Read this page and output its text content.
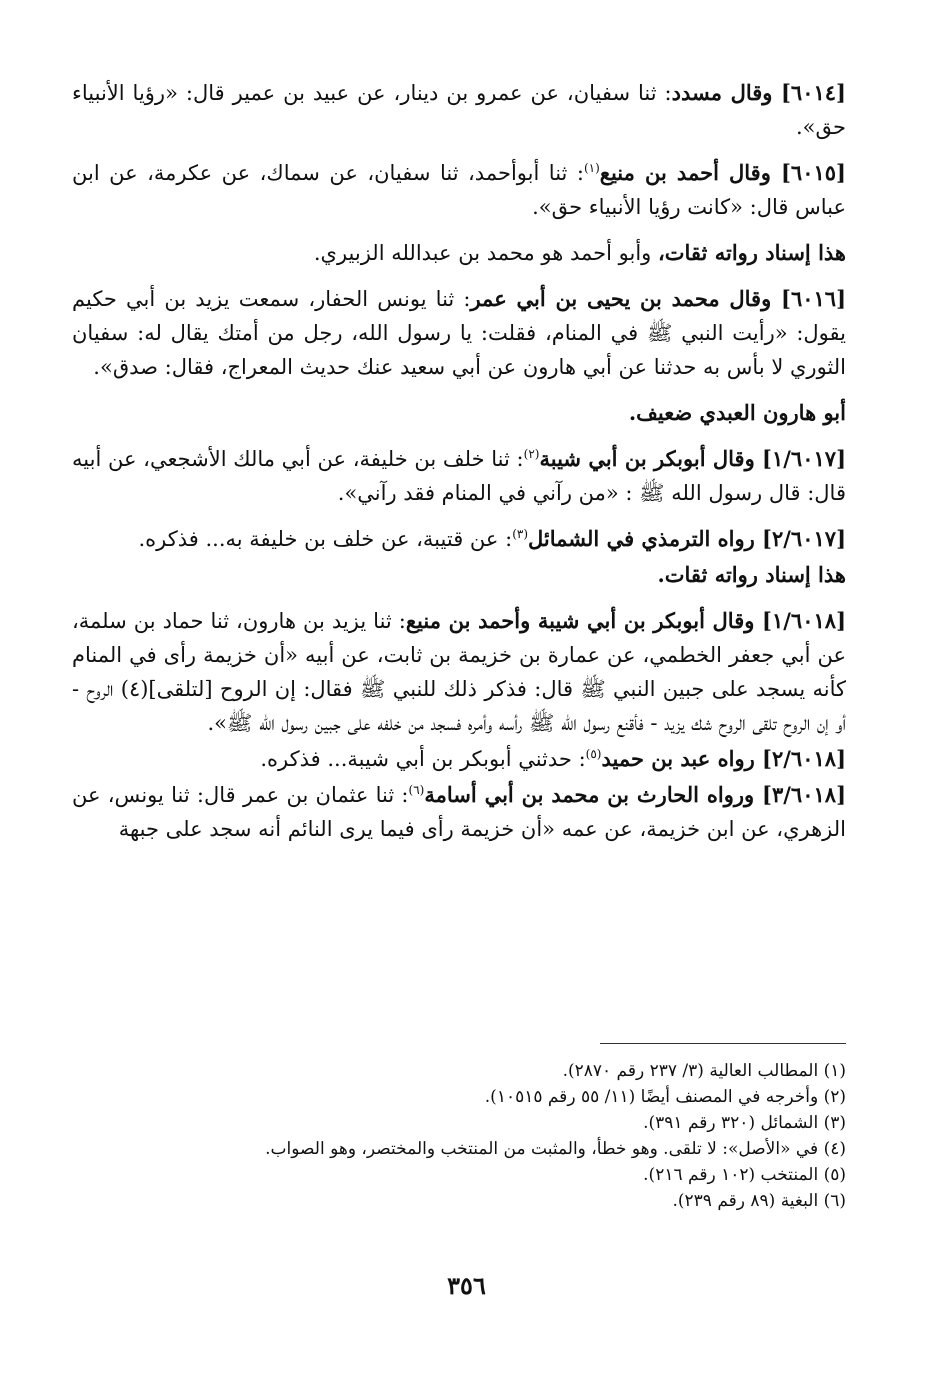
[٦٠١٤] وقال مسدد: ثنا سفيان، عن عمرو بن دينار، عن عبيد بن عمير قال: «رؤيا الأنبياء حق».

[٦٠١٥] وقال أحمد بن منيع$^{(١)}$: ثنا أبوأحمد، ثنا سفيان، عن سماك، عن عكرمة، عن ابن عباس قال: «كانت رؤيا الأنبياء حق».

هذا إسناد رواته ثقات، وأبو أحمد هو محمد بن عبدالله الزبيري.

[٦٠١٦] وقال محمد بن يحيى بن أبي عمر: ثنا يونس الحفار، سمعت يزيد بن أبي حكيم يقول: «رأيت النبي ﷺ في المنام، فقلت: يا رسول الله، رجل من أمتك يقال له: سفيان الثوري لا بأس به حدثنا عن أبي هارون عن أبي سعيد عنك حديث المعراج، فقال: صدق».

أبو هارون العبدي ضعيف.

[١/٦٠١٧] وقال أبوبكر بن أبي شيبة$^{(٢)}$: ثنا خلف بن خليفة، عن أبي مالك الأشجعي، عن أبيه قال: قال رسول الله ﷺ : «من رآني في المنام فقد رآني».

[٢/٦٠١٧] رواه الترمذي في الشمائل$^{(٣)}$: عن قتيبة، عن خلف بن خليفة به... فذكره.

هذا إسناد رواته ثقات.

[١/٦٠١٨] وقال أبوبكر بن أبي شيبة وأحمد بن منيع: ثنا يزيد بن هارون، ثنا حماد بن سلمة، عن أبي جعفر الخطمي، عن عمارة بن خزيمة بن ثابت، عن أبيه «أن خزيمة رأى في المنام كأنه يسجد على جبين النبي ﷺ قال: فذكر ذلك للنبي ﷺ فقال: إن الروح [لتلقى](٤) الروح - أو إن الروح تلقى الروح شك يزيد - فأقنع رسول الله ﷺ رأسه وأمره فسجد من خلفه على جبين رسول الله ﷺ».

[٢/٦٠١٨] رواه عبد بن حميد$^{(٥)}$: حدثني أبوبكر بن أبي شيبة... فذكره.

[٣/٦٠١٨] ورواه الحارث بن محمد بن أبي أسامة$^{(٦)}$: ثنا عثمان بن عمر قال: ثنا يونس، عن الزهري، عن ابن خزيمة، عن عمه «أن خزيمة رأى فيما يرى النائم أنه سجد على جبهة

(١) المطالب العالية (٣/ ٢٣٧ رقم ٢٨٧٠).

(٢) وأخرجه في المصنف أيضًا (١١/ ٥٥ رقم ١٠٥١٥).

(٣) الشمائل (٣٢٠ رقم ٣٩١).

(٤) في «الأصل»: لا تلقى. وهو خطأ، والمثبت من المنتخب والمختصر، وهو الصواب.

(٥) المنتخب (١٠٢ رقم ٢١٦).

(٦) البغية (٨٩ رقم ٢٣٩).

٣٥٦
